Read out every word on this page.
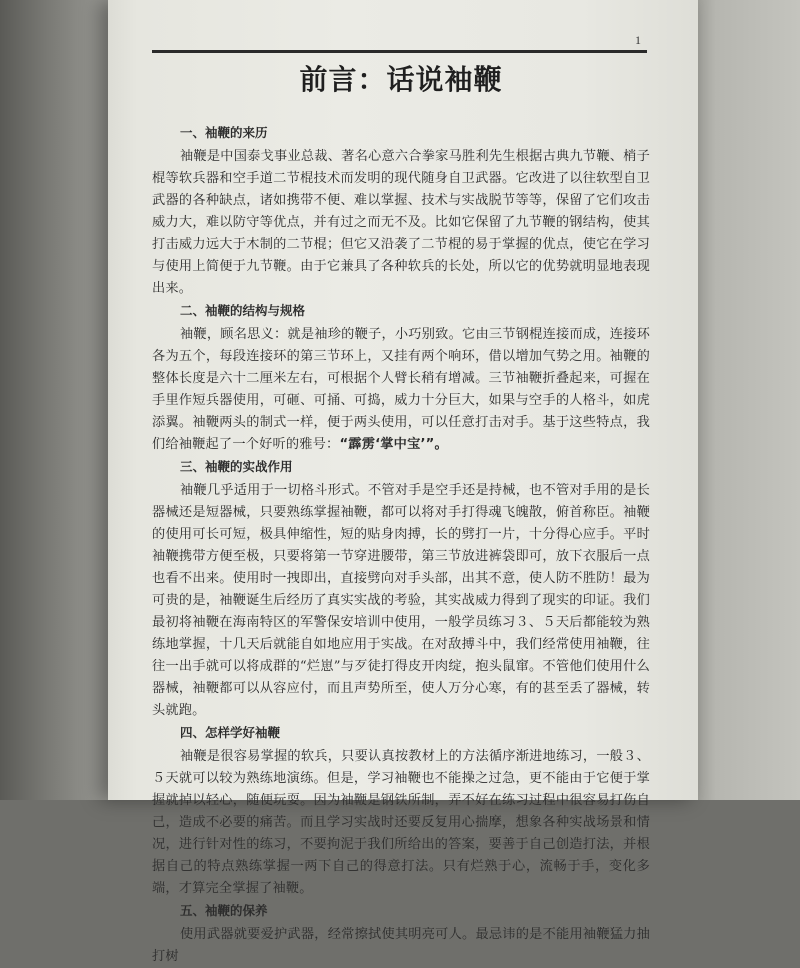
1
前言：话说袖鞭
一、袖鞭的来历

袖鞭是中国泰戈事业总裁、著名心意六合拳家马胜利先生根据古典九节鞭、梢子棍等软兵器和空手道二节棍技术而发明的现代随身自卫武器。它改进了以往软型自卫武器的各种缺点，诸如携带不便、难以掌握、技术与实战脱节等等，保留了它们攻击威力大，难以防守等优点，并有过之而无不及。比如它保留了九节鞭的钢结构，使其打击威力远大于木制的二节棍；但它又沿袭了二节棍的易于掌握的优点，使它在学习与使用上简便于九节鞭。由于它兼具了各种软兵的长处，所以它的优势就明显地表现出来。

二、袖鞭的结构与规格

袖鞭，顾名思义：就是袖珍的鞭子，小巧别致。它由三节钢棍连接而成，连接环各为五个，每段连接环的第三节环上，又挂有两个响环，借以增加气势之用。袖鞭的整体长度是六十二厘米左右，可根据个人臂长稍有增减。三节袖鞭折叠起来，可握在手里作短兵器使用，可砸、可捅、可捣，威力十分巨大，如果与空手的人格斗，如虎添翼。袖鞭两头的制式一样，便于两头使用，可以任意打击对手。基于这些特点，我们给袖鞭起了一个好听的雅号：“霹雳‘掌中宝’”。

三、袖鞭的实战作用

袖鞭几乎适用于一切格斗形式。不管对手是空手还是持械，也不管对手用的是长器械还是短器械，只要熟练掌握袖鞭，都可以将对手打得魂飞魄散，俯首称臣。袖鞭的使用可长可短，极具伸缩性，短的贴身肉搏，长的劈打一片，十分得心应手。平时袖鞭携带方便至极，只要将第一节穿进腰带，第三节放进裤袋即可，放下衣服后一点也看不出来。使用时一拽即出，直接劈向对手头部，出其不意，使人防不胜防！最为可贵的是，袖鞭诞生后经历了真实实战的考验，其实战威力得到了现实的印证。我们最初将袖鞭在海南特区的军警保安培训中使用，一般学员练习３、５天后都能较为熟练地掌握，十几天后就能自如地应用于实战。在对敌搏斗中，我们经常使用袖鞭，往往一出手就可以将成群的“烂崽”与歹徒打得皮开肉绽，抱头鼠窜。不管他们使用什么器械，袖鞭都可以从容应付，而且声势所至，使人万分心寒，有的甚至丢了器械，转头就跑。

四、怎样学好袖鞭

袖鞭是很容易掌握的软兵，只要认真按教材上的方法循序渐进地练习，一般３、５天就可以较为熟练地演练。但是，学习袖鞭也不能操之过急，更不能由于它便于掌握就掉以轻心，随便玩耍。因为袖鞭是钢铁所制，弄不好在练习过程中很容易打伤自己，造成不必要的痛苦。而且学习实战时还要反复用心揣摩，想象各种实战场景和情况，进行针对性的练习，不要拘泥于我们所给出的答案，要善于自己创造打法，并根据自己的特点熟练掌握一两下自己的得意打法。只有烂熟于心，流畅于手，变化多端，才算完全掌握了袖鞭。

五、袖鞭的保养

使用武器就要爱护武器，经常擦拭使其明亮可人。最忌讳的是不能用袖鞭猛力抽打树
